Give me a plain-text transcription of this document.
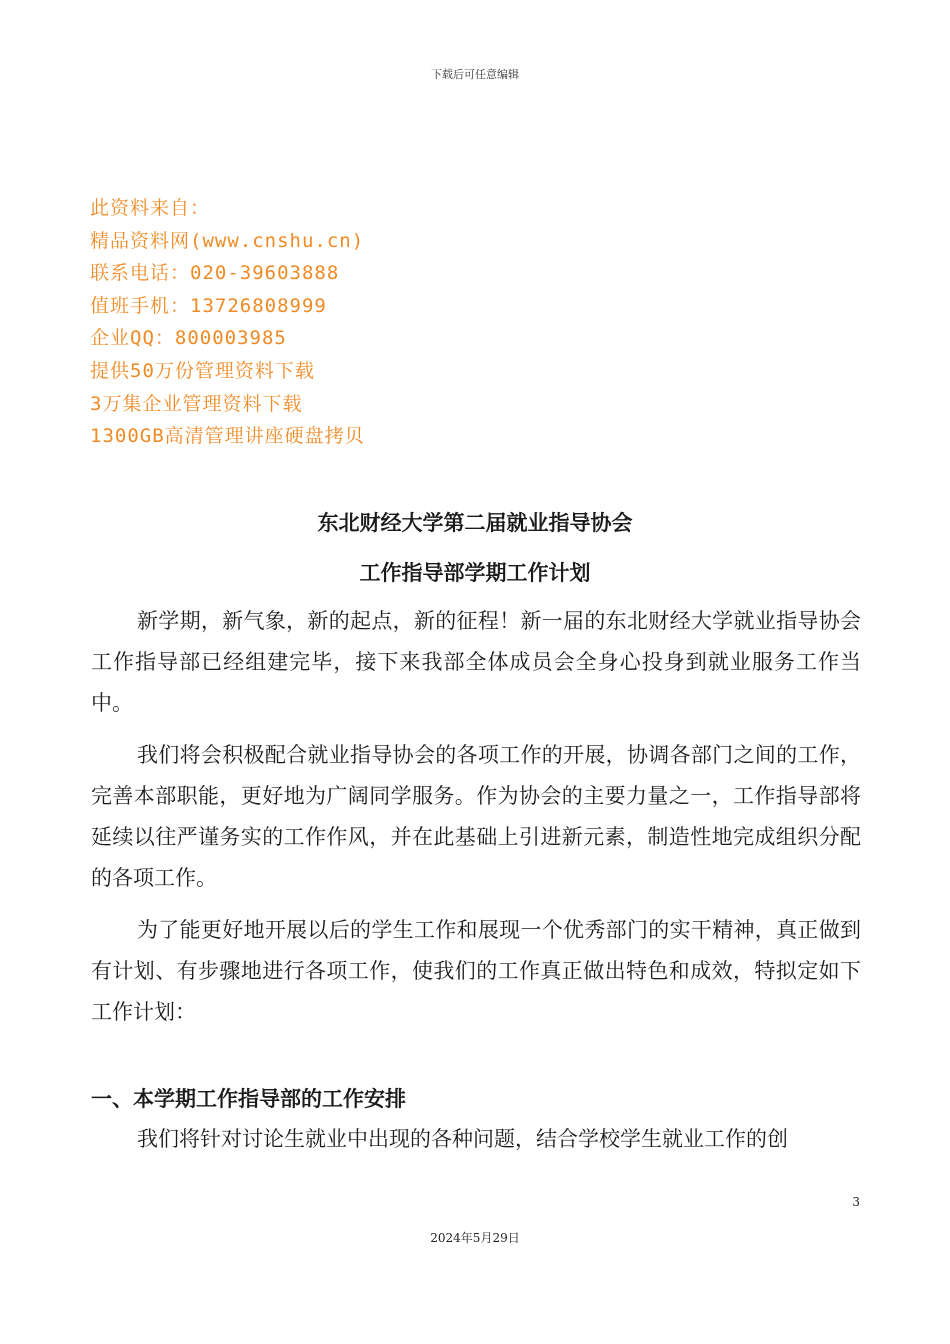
下载后可任意编辑
此资料来自：
精品资料网(www.cnshu.cn)
联系电话：020-39603888
值班手机：13726808999
企业QQ：800003985
提供50万份管理资料下载
3万集企业管理资料下载
1300GB高清管理讲座硬盘拷贝
东北财经大学第二届就业指导协会
工作指导部学期工作计划
新学期，新气象，新的起点，新的征程！新一届的东北财经大学就业指导协会工作指导部已经组建完毕，接下来我部全体成员会全身心投身到就业服务工作当中。
我们将会积极配合就业指导协会的各项工作的开展，协调各部门之间的工作，完善本部职能，更好地为广阔同学服务。作为协会的主要力量之一，工作指导部将延续以往严谨务实的工作作风，并在此基础上引进新元素，制造性地完成组织分配的各项工作。
为了能更好地开展以后的学生工作和展现一个优秀部门的实干精神，真正做到有计划、有步骤地进行各项工作，使我们的工作真正做出特色和成效，特拟定如下工作计划：
一、本学期工作指导部的工作安排
我们将针对讨论生就业中出现的各种问题，结合学校学生就业工作的创
3
2024年5月29日
